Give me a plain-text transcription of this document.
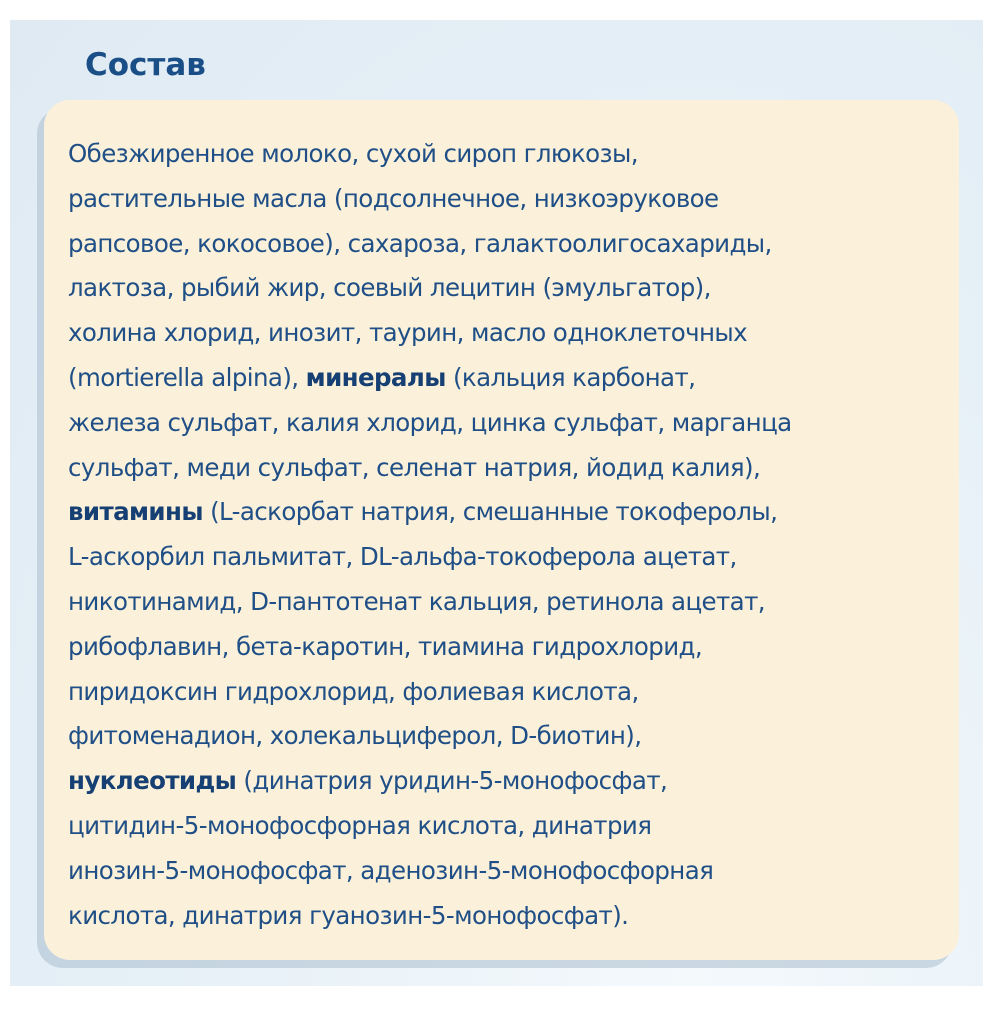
Состав

Обезжиренное молоко, сухой сироп глюкозы,
растительные масла (подсолнечное, низкоэруковое
рапсовое, кокосовое), сахароза, галактоолигосахариды,
лактоза, рыбий жир, соевый лецитин (эмульгатор),
холина хлорид, инозит, таурин, масло одноклеточных
(mortierella alpina), минералы (кальция карбонат,
железа сульфат, калия хлорид, цинка сульфат, марганца
сульфат, меди сульфат, селенат натрия, йодид калия),
витамины (L-аскорбат натрия, смешанные токоферолы,
L-аскорбил пальмитат, DL-альфа-токоферола ацетат,
никотинамид, D-пантотенат кальция, ретинола ацетат,
рибофлавин, бета-каротин, тиамина гидрохлорид,
пиридоксин гидрохлорид, фолиевая кислота,
фитоменадион, холекальциферол, D-биотин),
нуклеотиды (динатрия уридин-5-монофосфат,
цитидин-5-монофосфорная кислота, динатрия
инозин-5-монофосфат, аденозин-5-монофосфорная
кислота, динатрия гуанозин-5-монофосфат).
